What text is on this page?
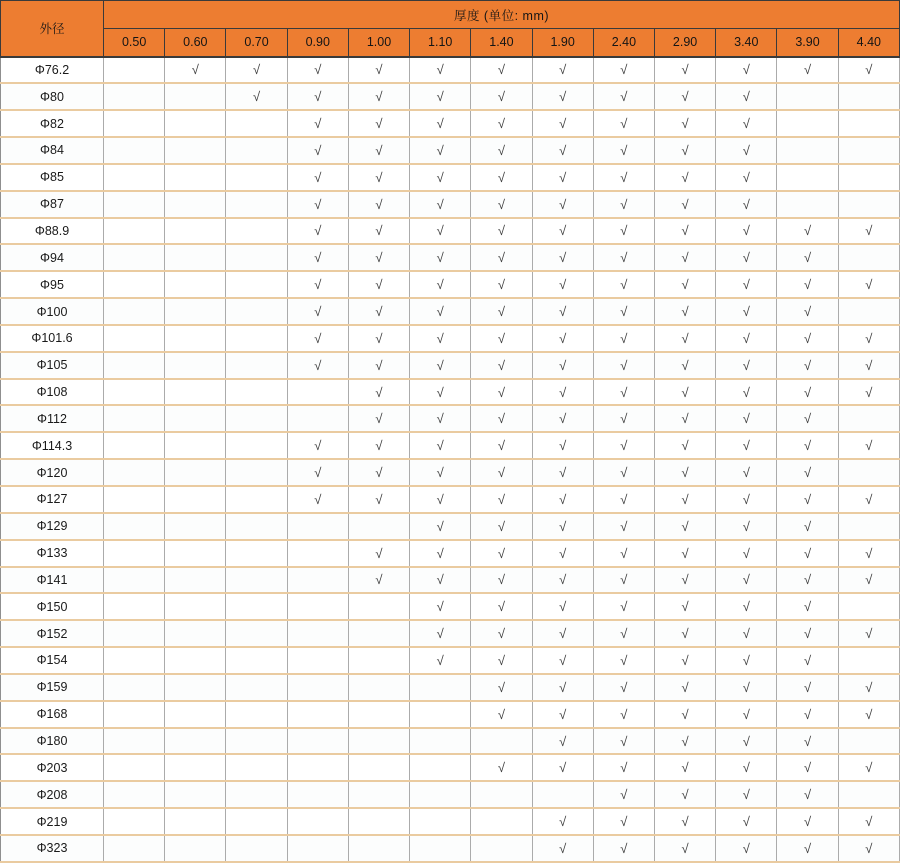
外径	厚度 (单位: mm)												
	0.50	0.60	0.70	0.90	1.00	1.10	1.40	1.90	2.40	2.90	3.40	3.90	4.40
Φ76.2		√	√	√	√	√	√	√	√	√	√	√	√
Φ80			√	√	√	√	√	√	√	√	√		
Φ82				√	√	√	√	√	√	√	√		
Φ84				√	√	√	√	√	√	√	√		
Φ85				√	√	√	√	√	√	√	√		
Φ87				√	√	√	√	√	√	√	√		
Φ88.9				√	√	√	√	√	√	√	√	√	√
Φ94				√	√	√	√	√	√	√	√	√	
Φ95				√	√	√	√	√	√	√	√	√	√
Φ100				√	√	√	√	√	√	√	√	√	
Φ101.6				√	√	√	√	√	√	√	√	√	√
Φ105				√	√	√	√	√	√	√	√	√	√
Φ108					√	√	√	√	√	√	√	√	√
Φ112					√	√	√	√	√	√	√	√	
Φ114.3				√	√	√	√	√	√	√	√	√	√
Φ120				√	√	√	√	√	√	√	√	√	
Φ127				√	√	√	√	√	√	√	√	√	√
Φ129						√	√	√	√	√	√	√	
Φ133					√	√	√	√	√	√	√	√	√
Φ141					√	√	√	√	√	√	√	√	√
Φ150						√	√	√	√	√	√	√	
Φ152						√	√	√	√	√	√	√	√
Φ154						√	√	√	√	√	√	√	
Φ159							√	√	√	√	√	√	√
Φ168							√	√	√	√	√	√	√
Φ180								√	√	√	√	√	
Φ203							√	√	√	√	√	√	√
Φ208									√	√	√	√	
Φ219								√	√	√	√	√	√
Φ323								√	√	√	√	√	√
